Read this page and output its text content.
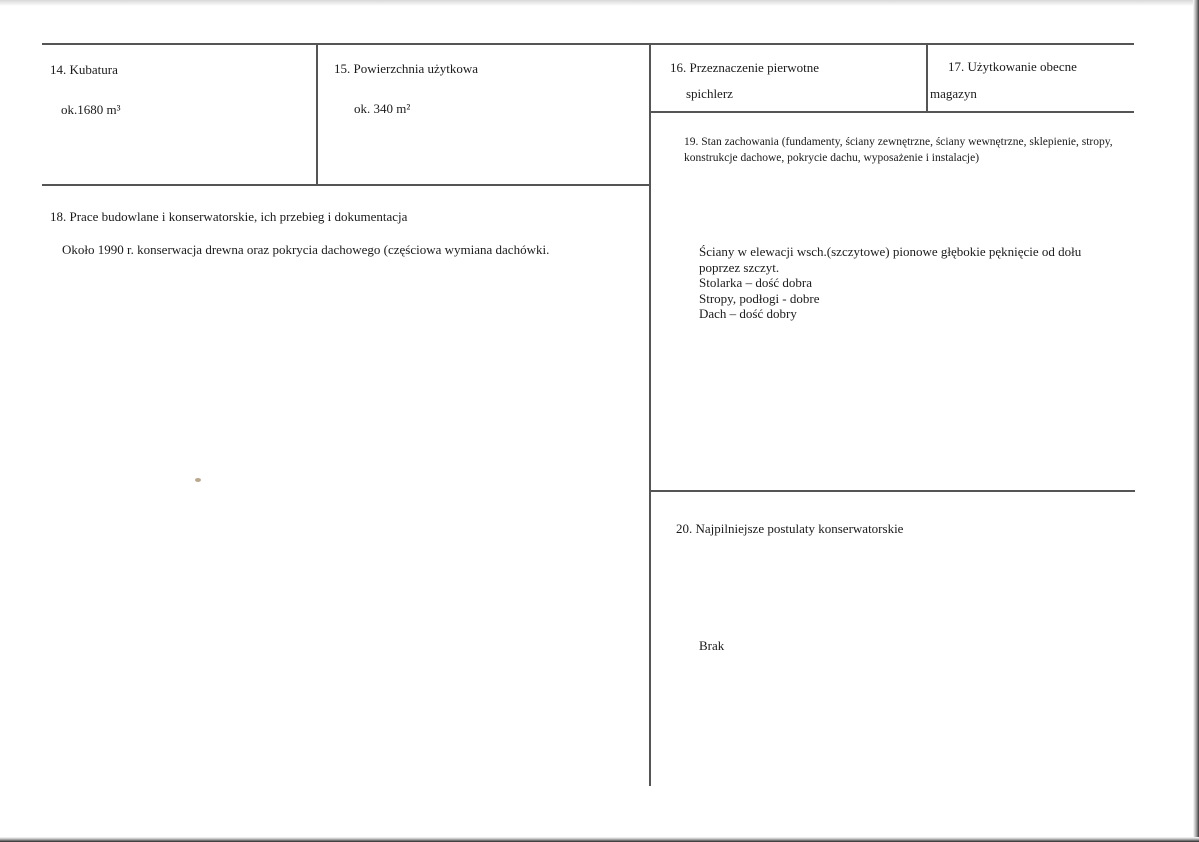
14. Kubatura
ok.1680 m³
15. Powierzchnia użytkowa
ok. 340 m²
16. Przeznaczenie pierwotne
spichlerz
17. Użytkowanie obecne
magazyn
19. Stan zachowania (fundamenty, ściany zewnętrzne, ściany wewnętrzne, sklepienie, stropy, konstrukcje dachowe, pokrycie dachu, wyposażenie i instalacje)
Ściany w elewacji wsch.(szczytowe) pionowe głębokie pęknięcie od dołu
poprzez szczyt.
Stolarka – dość dobra
Stropy, podłogi - dobre
Dach – dość dobry
18. Prace budowlane i konserwatorskie, ich przebieg i dokumentacja
Około 1990 r. konserwacja drewna oraz pokrycia dachowego (częściowa wymiana dachówki.
20. Najpilniejsze postulaty konserwatorskie
Brak
